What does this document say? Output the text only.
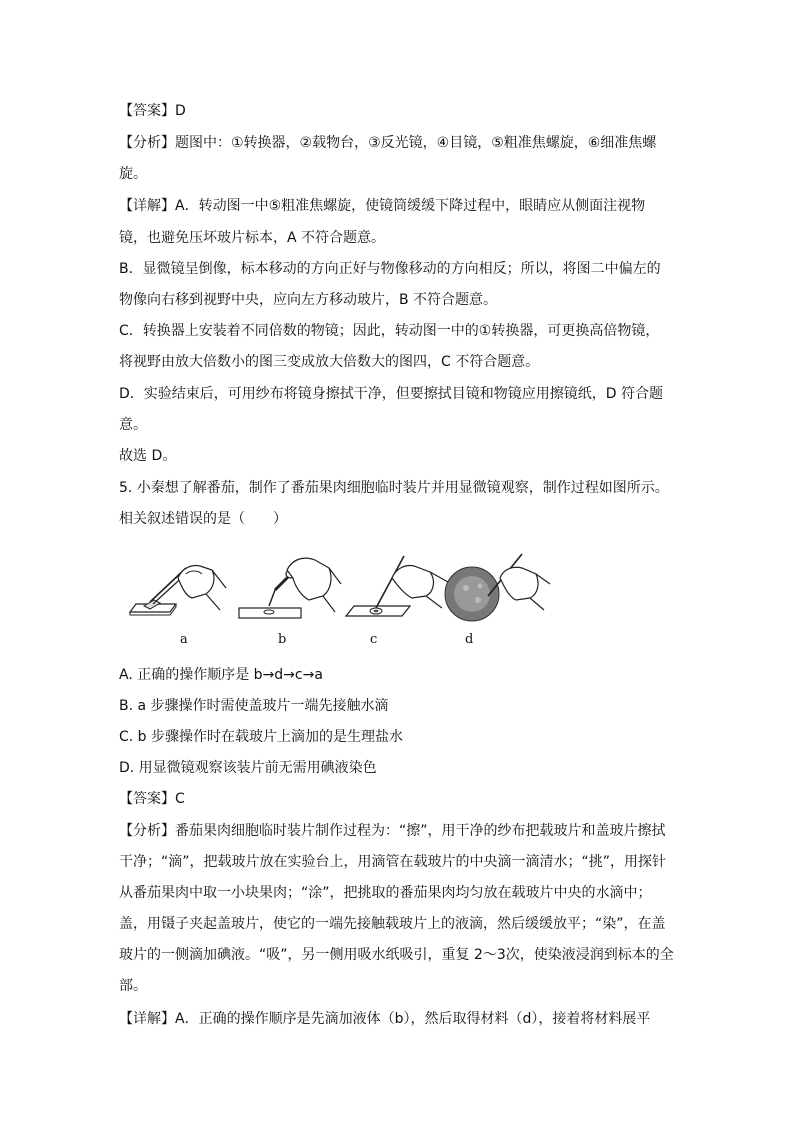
【答案】D
【分析】题图中：①转换器，②载物台，③反光镜，④目镜，⑤粗准焦螺旋，⑥细准焦螺
旋。
【详解】A．转动图一中⑤粗准焦螺旋，使镜筒缓缓下降过程中，眼睛应从侧面注视物
镜，也避免压坏玻片标本，A 不符合题意。
B．显微镜呈倒像，标本移动的方向正好与物像移动的方向相反；所以，将图二中偏左的
物像向右移到视野中央，应向左方移动玻片，B 不符合题意。
C．转换器上安装着不同倍数的物镜；因此，转动图一中的①转换器，可更换高倍物镜，
将视野由放大倍数小的图三变成放大倍数大的图四，C 不符合题意。
D．实验结束后，可用纱布将镜身擦拭干净，但要擦拭目镜和物镜应用擦镜纸，D 符合题
意。
故选 D。
5. 小秦想了解番茄，制作了番茄果肉细胞临时装片并用显微镜观察，制作过程如图所示。
相关叙述错误的是（　　）
a	b	c	d
A. 正确的操作顺序是 b→d→c→a
B. a 步骤操作时需使盖玻片一端先接触水滴
C. b 步骤操作时在载玻片上滴加的是生理盐水
D. 用显微镜观察该装片前无需用碘液染色
【答案】C
【分析】番茄果肉细胞临时装片制作过程为：“擦”，用干净的纱布把载玻片和盖玻片擦拭
干净；“滴”，把载玻片放在实验台上，用滴管在载玻片的中央滴一滴清水；“挑”，用探针
从番茄果肉中取一小块果肉；“涂”，把挑取的番茄果肉均匀放在载玻片中央的水滴中；
盖，用镊子夹起盖玻片，使它的一端先接触载玻片上的液滴，然后缓缓放平；“染”，在盖
玻片的一侧滴加碘液。“吸”，另一侧用吸水纸吸引，重复 2～3次，使染液浸润到标本的全
部。
【详解】A．正确的操作顺序是先滴加液体（b），然后取得材料（d），接着将材料展平
